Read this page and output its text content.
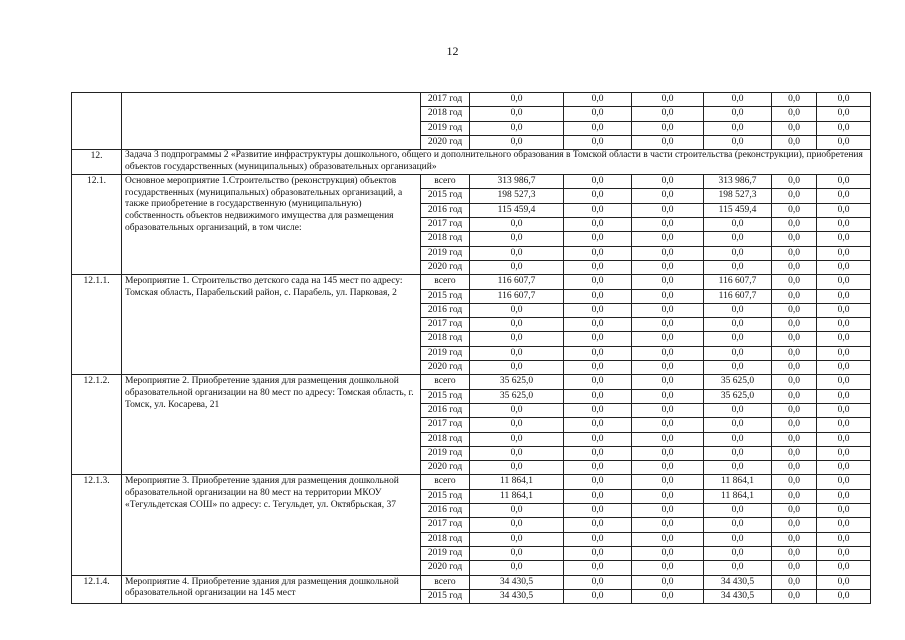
12
		2017 год	0,0	0,0	0,0	0,0	0,0	0,0
		2018 год	0,0	0,0	0,0	0,0	0,0	0,0
		2019 год	0,0	0,0	0,0	0,0	0,0	0,0
		2020 год	0,0	0,0	0,0	0,0	0,0	0,0
12.	Задача 3 подпрограммы 2 «Развитие инфраструктуры дошкольного, общего и дополнительного образования в Томской области в части строительства (реконструкции), приобретения объектов государственных (муниципальных) образовательных организаций»							
12.1.	Основное мероприятие 1.Строительство (реконструкция) объектов государственных (муниципальных) образовательных организаций, а также приобретение в государственную (муниципальную) собственность объектов недвижимого имущества для размещения образовательных организаций, в том числе:	всего	313 986,7	0,0	0,0	313 986,7	0,0	0,0
		2015 год	198 527,3	0,0	0,0	198 527,3	0,0	0,0
		2016 год	115 459,4	0,0	0,0	115 459,4	0,0	0,0
		2017 год	0,0	0,0	0,0	0,0	0,0	0,0
		2018 год	0,0	0,0	0,0	0,0	0,0	0,0
		2019 год	0,0	0,0	0,0	0,0	0,0	0,0
		2020 год	0,0	0,0	0,0	0,0	0,0	0,0
12.1.1.	Мероприятие 1. Строительство детского сада на 145 мест по адресу: Томская область, Парабельский район, с. Парабель, ул. Парковая, 2	всего	116 607,7	0,0	0,0	116 607,7	0,0	0,0
		2015 год	116 607,7	0,0	0,0	116 607,7	0,0	0,0
		2016 год	0,0	0,0	0,0	0,0	0,0	0,0
		2017 год	0,0	0,0	0,0	0,0	0,0	0,0
		2018 год	0,0	0,0	0,0	0,0	0,0	0,0
		2019 год	0,0	0,0	0,0	0,0	0,0	0,0
		2020 год	0,0	0,0	0,0	0,0	0,0	0,0
12.1.2.	Мероприятие 2. Приобретение здания для размещения дошкольной образовательной организации на 80 мест по адресу: Томская область, г. Томск, ул. Косарева, 21	всего	35 625,0	0,0	0,0	35 625,0	0,0	0,0
		2015 год	35 625,0	0,0	0,0	35 625,0	0,0	0,0
		2016 год	0,0	0,0	0,0	0,0	0,0	0,0
		2017 год	0,0	0,0	0,0	0,0	0,0	0,0
		2018 год	0,0	0,0	0,0	0,0	0,0	0,0
		2019 год	0,0	0,0	0,0	0,0	0,0	0,0
		2020 год	0,0	0,0	0,0	0,0	0,0	0,0
12.1.3.	Мероприятие 3. Приобретение здания для размещения дошкольной образовательной организации на 80 мест на территории МКОУ «Тегульдетская СОШ» по адресу: с. Тегульдет, ул. Октябрьская, 37	всего	11 864,1	0,0	0,0	11 864,1	0,0	0,0
		2015 год	11 864,1	0,0	0,0	11 864,1	0,0	0,0
		2016 год	0,0	0,0	0,0	0,0	0,0	0,0
		2017 год	0,0	0,0	0,0	0,0	0,0	0,0
		2018 год	0,0	0,0	0,0	0,0	0,0	0,0
		2019 год	0,0	0,0	0,0	0,0	0,0	0,0
		2020 год	0,0	0,0	0,0	0,0	0,0	0,0
12.1.4.	Мероприятие 4. Приобретение здания для размещения дошкольной образовательной организации на 145 мест	всего	34 430,5	0,0	0,0	34 430,5	0,0	0,0
		2015 год	34 430,5	0,0	0,0	34 430,5	0,0	0,0
